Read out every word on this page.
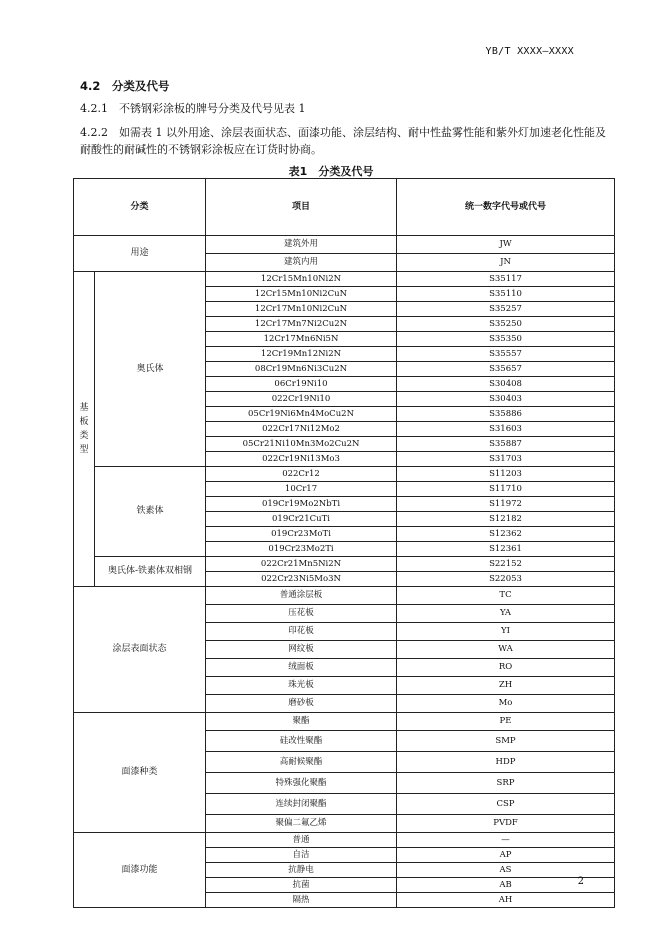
YB/T XXXX—XXXX
4.2　分类及代号
4.2.1　不锈钢彩涂板的牌号分类及代号见表 1
4.2.2　如需表 1 以外用途、涂层表面状态、面漆功能、涂层结构、耐中性盐雾性能和紫外灯加速老化性能及耐酸性的耐碱性的不锈钢彩涂板应在订货时协商。
表1　分类及代号
分类		项目	统一数字代号或代号
用途		建筑外用	JW
		建筑内用	JN

基板类型	奥氏体	12Cr15Mn10Ni2N	S35117
		12Cr15Mn10Ni2CuN	S35110
		12Cr17Mn10Ni2CuN	S35257
		12Cr17Mn7Ni2Cu2N	S35250
		12Cr17Mn6Ni5N	S35350
		12Cr19Mn12Ni2N	S35557
		08Cr19Mn6Ni3Cu2N	S35657
		06Cr19Ni10	S30408
		022Cr19Ni10	S30403
		05Cr19Ni6Mn4MoCu2N	S35886
		022Cr17Ni12Mo2	S31603
		05Cr21Ni10Mn3Mo2Cu2N	S35887
		022Cr19Ni13Mo3	S31703
	铁素体	022Cr12	S11203
		10Cr17	S11710
		019Cr19Mo2NbTi	S11972
		019Cr21CuTi	S12182
		019Cr23MoTi	S12362
		019Cr23Mo2Ti	S12361
	奥氏体-铁素体双相钢	022Cr21Mn5Ni2N	S22152
		022Cr23Ni5Mo3N	S22053
涂层表面状态		普通涂层板	TC
		压花板	YA
		印花板	YI
		网纹板	WA
		绒面板	RO
		珠光板	ZH
		磨砂板	Mo
面漆种类		聚酯	PE
		硅改性聚酯	SMP
		高耐候聚酯	HDP
		特殊强化聚酯	SRP
		连续封闭聚酯	CSP
		聚偏二氟乙烯	PVDF
面漆功能		普通	—
		自洁	AP
		抗静电	AS
		抗菌	AB
		隔热	AH
2
